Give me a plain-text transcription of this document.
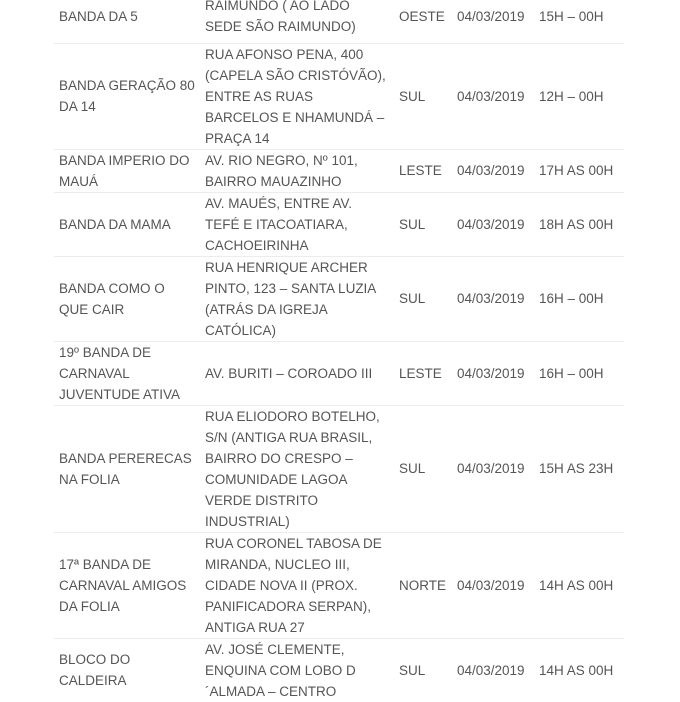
BANDA DA 5	RAIMUNDO ( AO LADO SEDE SÃO RAIMUNDO)	OESTE	04/03/2019	15H – 00H
BANDA GERAÇÃO 80 DA 14	RUA AFONSO PENA, 400 (CAPELA SÃO CRISTÓVÃO), ENTRE AS RUAS BARCELOS E NHAMUNDÁ – PRAÇA 14	SUL	04/03/2019	12H – 00H
BANDA IMPERIO DO MAUÁ	AV. RIO NEGRO, Nº 101, BAIRRO MAUAZINHO	LESTE	04/03/2019	17H AS 00H
BANDA DA MAMA	AV. MAUÉS, ENTRE AV. TEFÉ E ITACOATIARA, CACHOEIRINHA	SUL	04/03/2019	18H AS 00H
BANDA COMO O QUE CAIR	RUA HENRIQUE ARCHER PINTO, 123 – SANTA LUZIA (ATRÁS DA IGREJA CATÓLICA)	SUL	04/03/2019	16H – 00H
19º BANDA DE CARNAVAL JUVENTUDE ATIVA	AV. BURITI – COROADO III	LESTE	04/03/2019	16H – 00H
BANDA PERERECAS NA FOLIA	RUA ELIODORO BOTELHO, S/N (ANTIGA RUA BRASIL, BAIRRO DO CRESPO – COMUNIDADE LAGOA VERDE DISTRITO INDUSTRIAL)	SUL	04/03/2019	15H AS 23H
17ª BANDA DE CARNAVAL AMIGOS DA FOLIA	RUA CORONEL TABOSA DE MIRANDA, NUCLEO III, CIDADE NOVA II (PROX. PANIFICADORA SERPAN), ANTIGA RUA 27	NORTE	04/03/2019	14H AS 00H
BLOCO DO CALDEIRA	AV. JOSÉ CLEMENTE, ENQUINA COM LOBO D´ALMADA – CENTRO	SUL	04/03/2019	14H AS 00H
